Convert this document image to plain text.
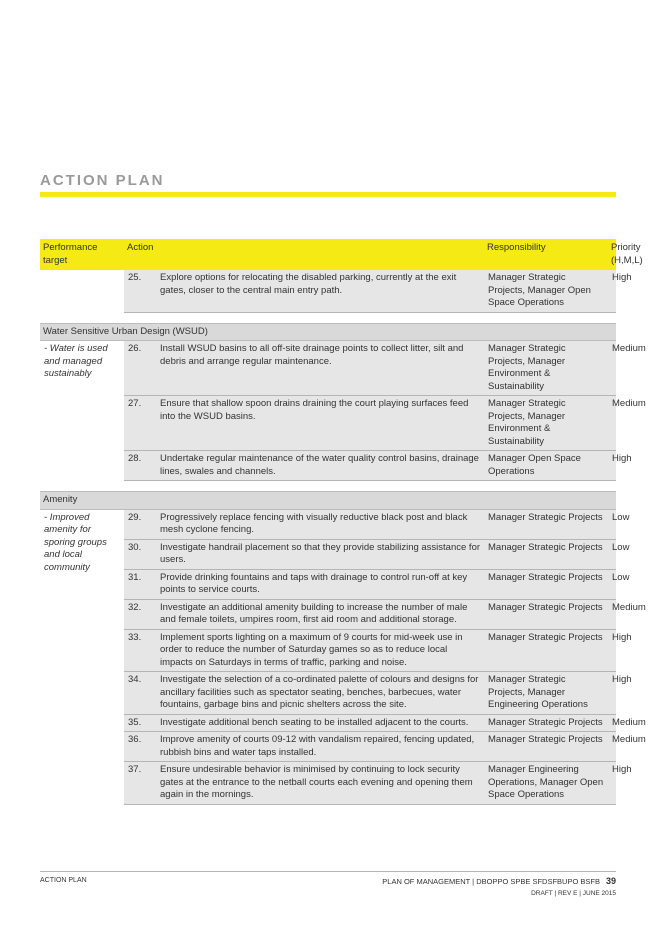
ACTION PLAN
Performance target	Action		Responsibility	Priority (H,M,L)
	25.	Explore options for relocating the disabled parking, currently at the exit gates, closer to the central main entry path.	Manager Strategic Projects, Manager Open Space Operations	High

Water Sensitive Urban Design (WSUD)				
- Water is used and managed sustainably	26.	Install WSUD basins to all off-site drainage points to collect litter, silt and debris and arrange regular maintenance.	Manager Strategic Projects, Manager Environment & Sustainability	Medium
	27.	Ensure that shallow spoon drains draining the court playing surfaces feed into the WSUD basins.	Manager Strategic Projects, Manager Environment & Sustainability	Medium
	28.	Undertake regular maintenance of the water quality control basins, drainage lines, swales and channels.	Manager Open Space Operations	High

Amenity				
- Improved amenity for sporing groups and local community	29.	Progressively replace fencing with visually reductive black post and black mesh cyclone fencing.	Manager Strategic Projects	Low
	30.	Investigate handrail placement so that they provide stabilizing assistance for users.	Manager Strategic Projects	Low
	31.	Provide drinking fountains and taps with drainage to control run-off at key points to service courts.	Manager Strategic Projects	Low
	32.	Investigate an additional amenity building to increase the number of male and female toilets, umpires room, first aid room and additional storage.	Manager Strategic Projects	Medium
	33.	Implement sports lighting on a maximum of 9 courts for mid-week use in order to reduce the number of Saturday games so as to reduce local impacts on Saturdays in terms of traffic, parking and noise.	Manager Strategic Projects	High
	34.	Investigate the selection of a co-ordinated palette of colours and designs for ancillary facilities such as spectator seating, benches, barbecues, water fountains, garbage bins and picnic shelters across the site.	Manager Strategic Projects, Manager Engineering Operations	High
	35.	Investigate additional bench seating to be installed adjacent to the courts.	Manager Strategic Projects	Medium
	36.	Improve amenity of courts 09-12 with vandalism repaired, fencing updated, rubbish bins and water taps installed.	Manager Strategic Projects	Medium
	37.	Ensure undesirable behavior is minimised by continuing to lock security gates at the entrance to the netball courts each evening and opening them again in the mornings.	Manager Engineering Operations, Manager Open Space Operations	High
ACTION PLAN	PLAN OF MANAGEMENT | DBOPPO SPBE SFDSFBUPO BSFB 39
DRAFT | REV E | JUNE 2015
